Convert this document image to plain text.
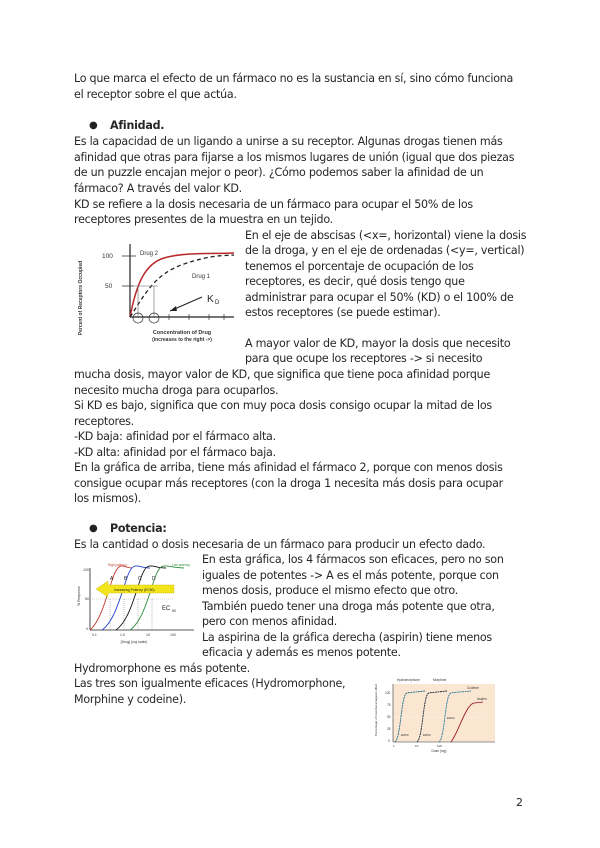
Lo que marca el efecto de un fármaco no es la sustancia en sí, sino cómo funciona
el receptor sobre el que actúa.
● Afinidad.
Es la capacidad de un ligando a unirse a su receptor. Algunas drogas tienen más
afinidad que otras para fijarse a los mismos lugares de unión (igual que dos piezas
de un puzzle encajan mejor o peor). ¿Cómo podemos saber la afinidad de un
fármaco? A través del valor KD.
KD se refiere a la dosis necesaria de un fármaco para ocupar el 50% de los
receptores presentes de la muestra en un tejido.
Percent of Receptors Occupied
100
50
Drug 2
Drug 1
K D
Concentration of Drug
(increases to the right ->)
En el eje de abscisas (<x=, horizontal) viene la dosis
de la droga, y en el eje de ordenadas (<y=, vertical)
tenemos el porcentaje de ocupación de los
receptores, es decir, qué dosis tengo que
administrar para ocupar el 50% (KD) o el 100% de
estos receptores (se puede estimar).
A mayor valor de KD, mayor la dosis que necesito
para que ocupe los receptores -> si necesito
mucha dosis, mayor valor de KD, que significa que tiene poca afinidad porque
necesito mucha droga para ocuparlos.
Si KD es bajo, significa que con muy poca dosis consigo ocupar la mitad de los
receptores.
-KD baja: afinidad por el fármaco alta.
-KD alta: afinidad por el fármaco baja.
En la gráfica de arriba, tiene más afinidad el fármaco 2, porque con menos dosis
consigue ocupar más receptores (con la droga 1 necesita más dosis para ocupar
los mismos).
● Potencia:
Es la cantidad o dosis necesaria de un fármaco para producir un efecto dado.
100
50
0
% Response
High potency	Low potency
A B C D
Increasing Potency (EC50)
EC 50
0.1	1.0	10	100
[Drug] (log scale)
En esta gráfica, los 4 fármacos son eficaces, pero no son
iguales de potentes -> A es el más potente, porque con
menos dosis, produce el mismo efecto que otro.
También puedo tener una droga más potente que otra,
pero con menos afinidad.
La aspirina de la gráfica derecha (aspirin) tiene menos
eficacia y además es menos potente.
Hydromorphone es más potente.
Las tres son igualmente eficaces (Hydromorphone,
Morphine y codeine).	100
75
50
25
0
Percentage of maximal analgesic effect
Hydromorphone	Morphine
Codeine
Aspirin
ED50	ED50
ED50
1	10	100
Dose (mg)
2
